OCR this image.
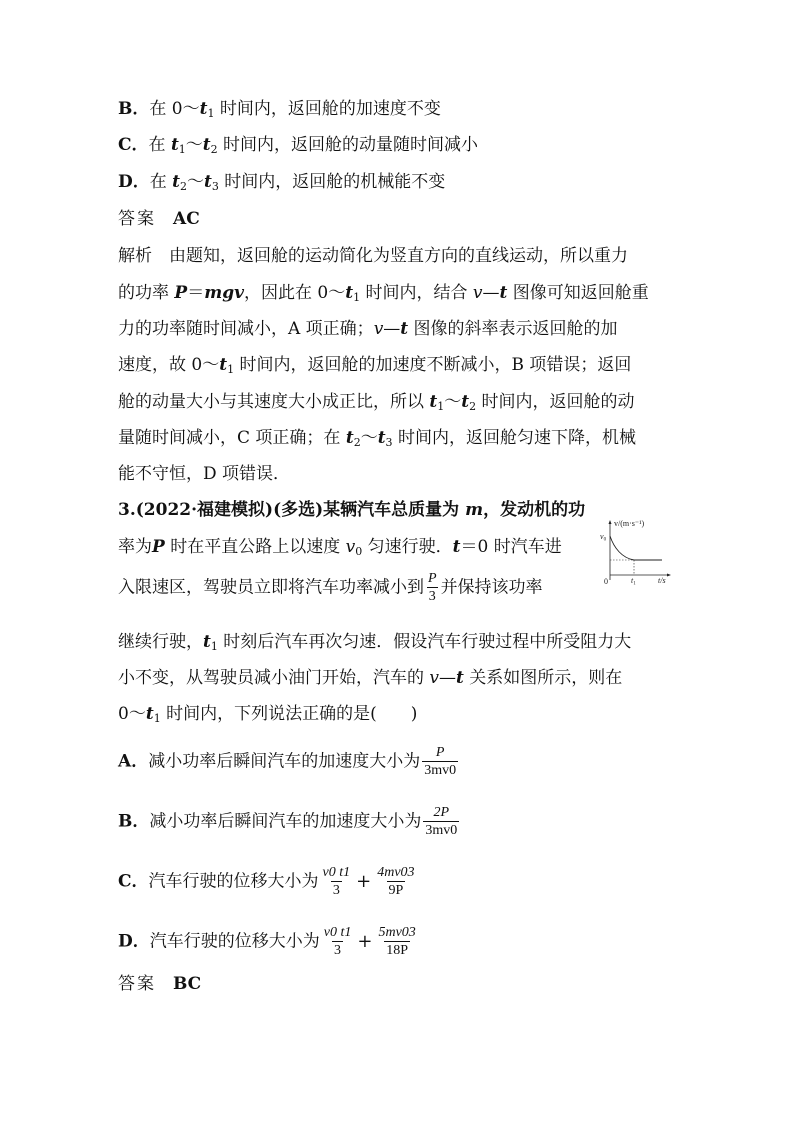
B．在 $0\sim t_1$ 时间内，返回舱的加速度不变
C．在 $t_1\sim t_2$ 时间内，返回舱的动量随时间减小
D．在 $t_2\sim t_3$ 时间内，返回舱的机械能不变
答案　 AC
解析　由题知，返回舱的运动简化为竖直方向的直线运动，所以重力
的功率 P＝mgv，因此在 $0\sim t_1$ 时间内，结合 v—t 图像可知返回舱重
力的功率随时间减小，A 项正确；v—t 图像的斜率表示返回舱的加
速度，故 $0\sim t_1$ 时间内，返回舱的加速度不断减小，B 项错误；返回
舱的动量大小与其速度大小成正比，所以 $t_1\sim t_2$ 时间内，返回舱的动
量随时间减小，C 项正确；在 $t_2\sim t_3$ 时间内，返回舱匀速下降，机械
能不守恒，D 项错误．
3.(2022·福建模拟)(多选)某辆汽车总质量为 m，发动机的功
率为P 时在平直公路上以速度 $v_0$ 匀速行驶．t＝0 时汽车进
入限速区，驾驶员立即将汽车功率减小到 $\frac{P}{3}$ 并保持该功率
继续行驶，$t_1$ 时刻后汽车再次匀速．假设汽车行驶过程中所受阻力大
小不变，从驾驶员减小油门开始，汽车的 v—t 关系如图所示，则在
$0\sim t_1$ 时间内，下列说法正确的是(　　)
v/(m·s⁻¹)
v0
0	t1	t/s
A．减小功率后瞬间汽车的加速度大小为 $\frac{P}{3mv0}$
B．减小功率后瞬间汽车的加速度大小为 $\frac{2P}{3mv0}$
C．汽车行驶的位移大小为 $\frac{v0 t1}{3} + \frac{4mv03}{9P}$
D．汽车行驶的位移大小为 $\frac{v0 t1}{3} + \frac{5mv03}{18P}$
答案　 BC
